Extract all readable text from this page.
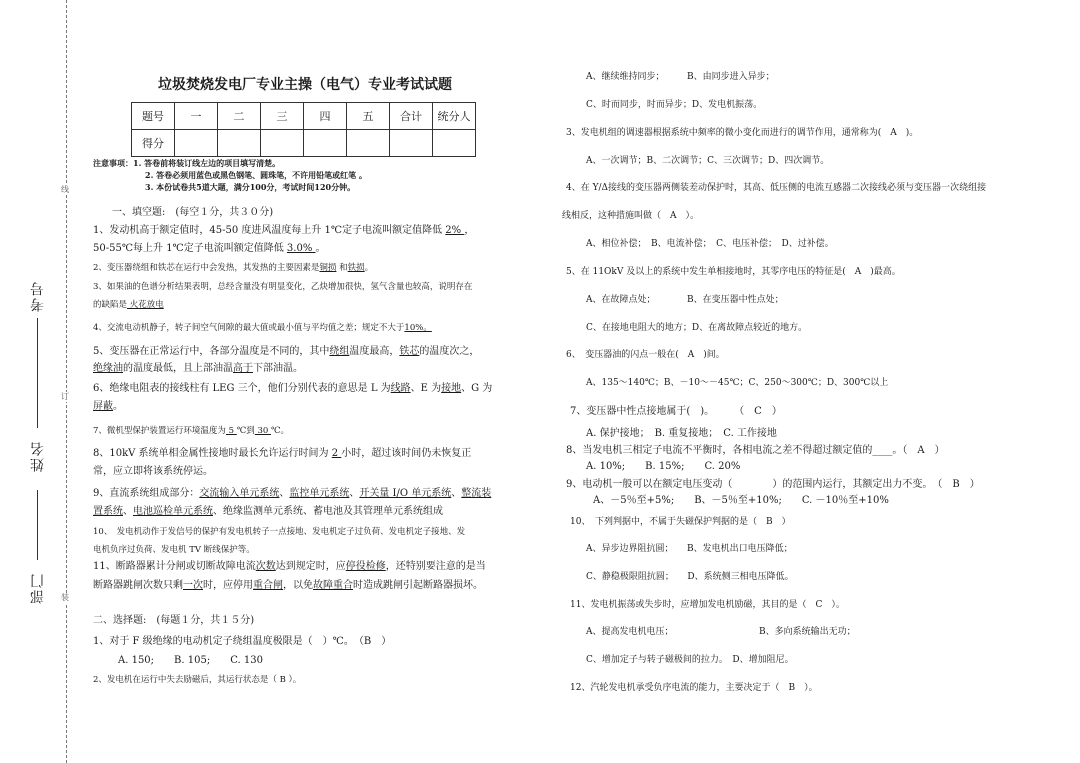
线
订
装
考号
姓名
部门
垃圾焚烧发电厂专业主操（电气）专业考试试题
题号	一	二	三	四	五	合计	统分人
得分							
注意事项：1. 答卷前将装订线左边的项目填写清楚。
2. 答卷必须用蓝色或黑色钢笔、圆珠笔，不许用铅笔或红笔 。
3. 本份试卷共5道大题，满分100分，考试时间120分钟。
一、填空题:　(每空１分，共３０分)
1、发动机高于额定值时，45-50 度进风温度每上升 1℃定子电流叫额定值降低 2% ，
50-55℃每上升 1℃定子电流叫额定值降低 3.0% 。
2、变压器绕组和铁芯在运行中会发热，其发热的主要因素是铜损 和铁损。
3、如果油的色谱分析结果表明，总经含量没有明显变化，乙炔增加很快，氢气含量也较高，说明存在
的缺陷是 火花放电
4、交流电动机静子，转子间空气间隙的最大值或最小值与平均值之差；规定不大于10%。
5、变压器在正常运行中，各部分温度是不同的，其中绕组温度最高，铁芯的温度次之，
绝缘油的温度最低，且上部油温高于下部油温。
6、绝缘电阻表的接线柱有 LEG 三个，他们分别代表的意思是 L 为线路、E 为接地、G 为
屏蔽。
7、微机型保护装置运行环境温度为 5 ℃到 30 ℃。
8、10kV 系统单相金属性接地时最长允许运行时间为 2 小时，超过该时间仍未恢复正
常，应立即将该系统停运。
9、直流系统组成部分：交流输入单元系统、监控单元系统、开关量 I/O 单元系统、整流装
置系统、电池巡检单元系统、绝缘监测单元系统、蓄电池及其管理单元系统组成
10、　发电机动作于发信号的保护有发电机转子一点接地、发电机定子过负荷、发电机定子接地、发
电机负序过负荷、发电机 TV 断线保护等。
11、断路器累计分闸或切断故障电流次数达到规定时，应停役检修，还特别要注意的是当
断路器跳闸次数只剩一次时，应停用重合闸，以免故障重合时造成跳闸引起断路器损坏。
二、选择题:　(每题１分，共１５分)
1、对于 F 级绝缘的电动机定子绕组温度极限是（　）℃。　（B　）
A. 150;　　B. 105;　　C. 130
2、发电机在运行中失去励磁后，其运行状态是（ B ）。
A、继续维持同步；　　　B、由同步进入异步；
C、时而同步，时而异步；D、发电机振荡。
3、发电机组的调速器根据系统中频率的微小变化而进行的调节作用，通常称为(　A　)。
A、一次调节；B、二次调节；C、三次调节；D、四次调节。
4、在 Y/Δ接线的变压器两侧装差动保护时，其高、低压侧的电流互感器二次接线必须与变压器一次绕组接
线相反，这种措施叫做（　A　）。
A、相位补偿；　B、电流补偿；　C、电压补偿；　D、过补偿。
5、在 11OkV 及以上的系统中发生单相接地时，其零序电压的特征是(　A　)最高。
A、在故障点处；　　　　B、在变压器中性点处；
C、在接地电阻大的地方；D、在离故障点较近的地方。
6、　变压器油的闪点一般在(　A　)间。
A、135～140℃；B、－10～－45℃；C、250～300℃；D、300℃以上
7、变压器中性点接地属于(　)。　　　（　C　）
A. 保护接地；　B. 重复接地；　C. 工作接地
8、当发电机三相定子电流不平衡时，各相电流之差不得超过额定值的____。（　A　）
A. 10%;　　B. 15%;　　C. 20%
9、电动机一般可以在额定电压变动（　　　　）的范围内运行，其额定出力不变。　（　B　）
A、－5％至+5%;　　B、－5％至+10%;　　C. －10％至+10%
10、　下列判据中，不属于失磁保护判据的是（　B　）
A、异步边界阻抗圆；　　B、发电机出口电压降低；
C、静稳极限阻抗圆；　　D、系统侧三相电压降低。
11、发电机振荡或失步时，应增加发电机励磁，其目的是（　C　）。
A、提高发电机电压；　　　　　　　　　　B、多向系统输出无功；
C、增加定子与转子磁极间的拉力。　D、增加阻尼。
12、汽轮发电机承受负序电流的能力，主要决定于（　B　）。
